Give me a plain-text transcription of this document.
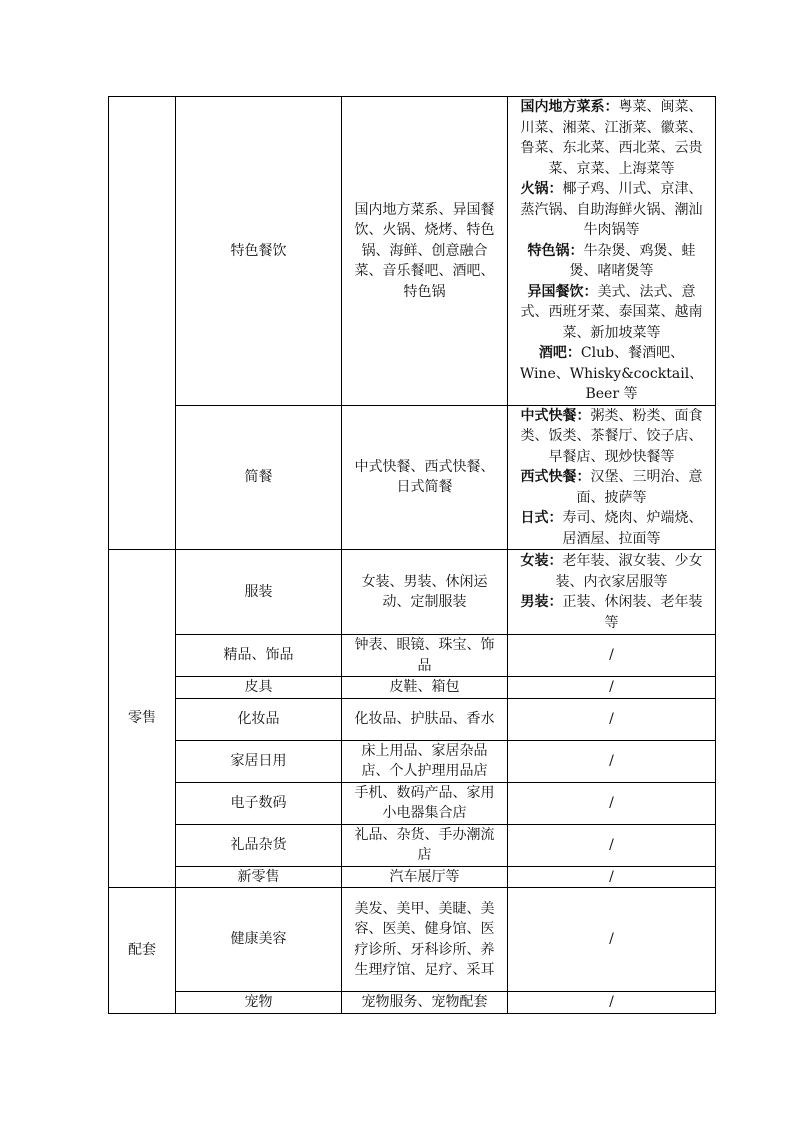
	特色餐饮	国内地方菜系、异国餐饮、火锅、烧烤、特色锅、海鲜、创意融合菜、音乐餐吧、酒吧、特色锅	国内地方菜系：粤菜、闽菜、川菜、湘菜、江浙菜、徽菜、鲁菜、东北菜、西北菜、云贵菜、京菜、上海菜等
火锅：椰子鸡、川式、京津、蒸汽锅、自助海鲜火锅、潮汕牛肉锅等
特色锅：牛杂煲、鸡煲、蛙煲、啫啫煲等
异国餐饮：美式、法式、意式、西班牙菜、泰国菜、越南菜、新加坡菜等
酒吧：Club、餐酒吧、Wine、Whisky&cocktail、Beer 等

	简餐	中式快餐、西式快餐、日式简餐	中式快餐：粥类、粉类、面食类、饭类、茶餐厅、饺子店、早餐店、现炒快餐等
西式快餐：汉堡、三明治、意面、披萨等
日式：寿司、烧肉、炉端烧、居酒屋、拉面等

零售	服装	女装、男装、休闲运动、定制服装	女装：老年装、淑女装、少女装、内衣家居服等
男装：正装、休闲装、老年装等

	精品、饰品	钟表、眼镜、珠宝、饰品	/
	皮具	皮鞋、箱包	/
	化妆品	化妆品、护肤品、香水	/
	家居日用	床上用品、家居杂品店、个人护理用品店	/
	电子数码	手机、数码产品、家用小电器集合店	/
	礼品杂货	礼品、杂货、手办潮流店	/
	新零售	汽车展厅等	/
配套	健康美容	美发、美甲、美睫、美容、医美、健身馆、医疗诊所、牙科诊所、养生理疗馆、足疗、采耳	/
	宠物	宠物服务、宠物配套	/
